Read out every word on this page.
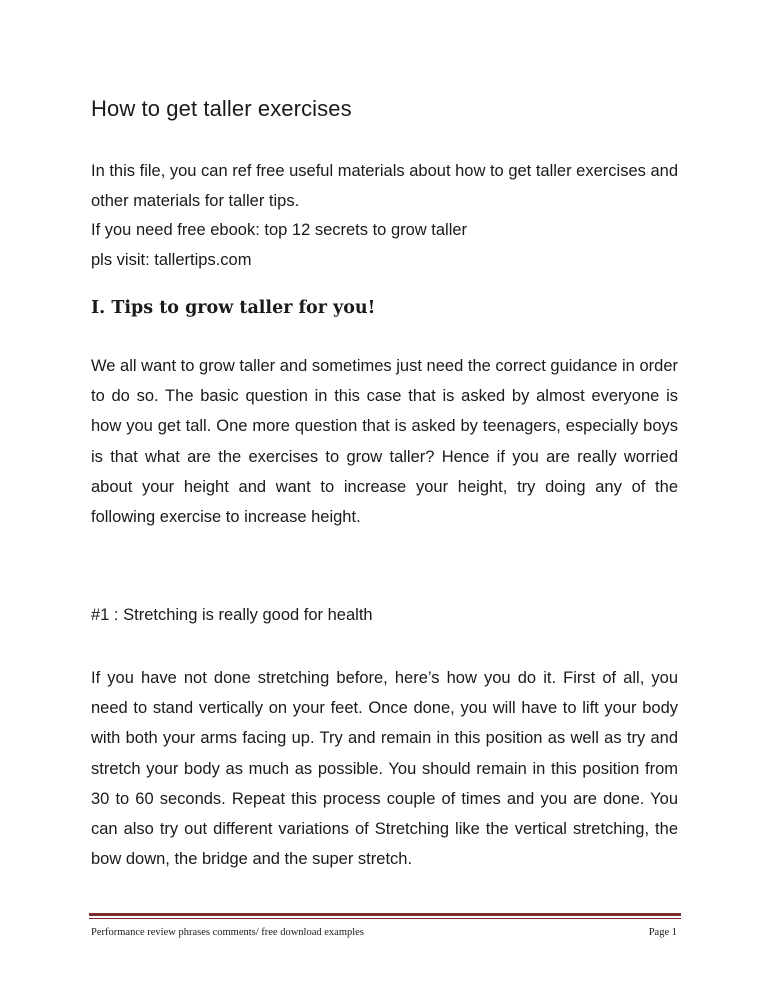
How to get taller exercises

In this file, you can ref free useful materials about how to get taller exercises and other materials for taller tips.

If you need free ebook: top 12 secrets to grow taller

pls visit: tallertips.com

I. Tips to grow taller for you!

We all want to grow taller and sometimes just need the correct guidance in order to do so. The basic question in this case that is asked by almost everyone is how you get tall. One more question that is asked by teenagers, especially boys is that what are the exercises to grow taller? Hence if you are really worried about your height and want to increase your height, try doing any of the following exercise to increase height.

#1 : Stretching is really good for health

If you have not done stretching before, here’s how you do it. First of all, you need to stand vertically on your feet. Once done, you will have to lift your body with both your arms facing up. Try and remain in this position as well as try and stretch your body as much as possible. You should remain in this position from 30 to 60 seconds. Repeat this process couple of times and you are done. You can also try out different variations of Stretching like the vertical stretching, the bow down, the bridge and the super stretch.

Performance review phrases comments/ free download examples	Page 1
